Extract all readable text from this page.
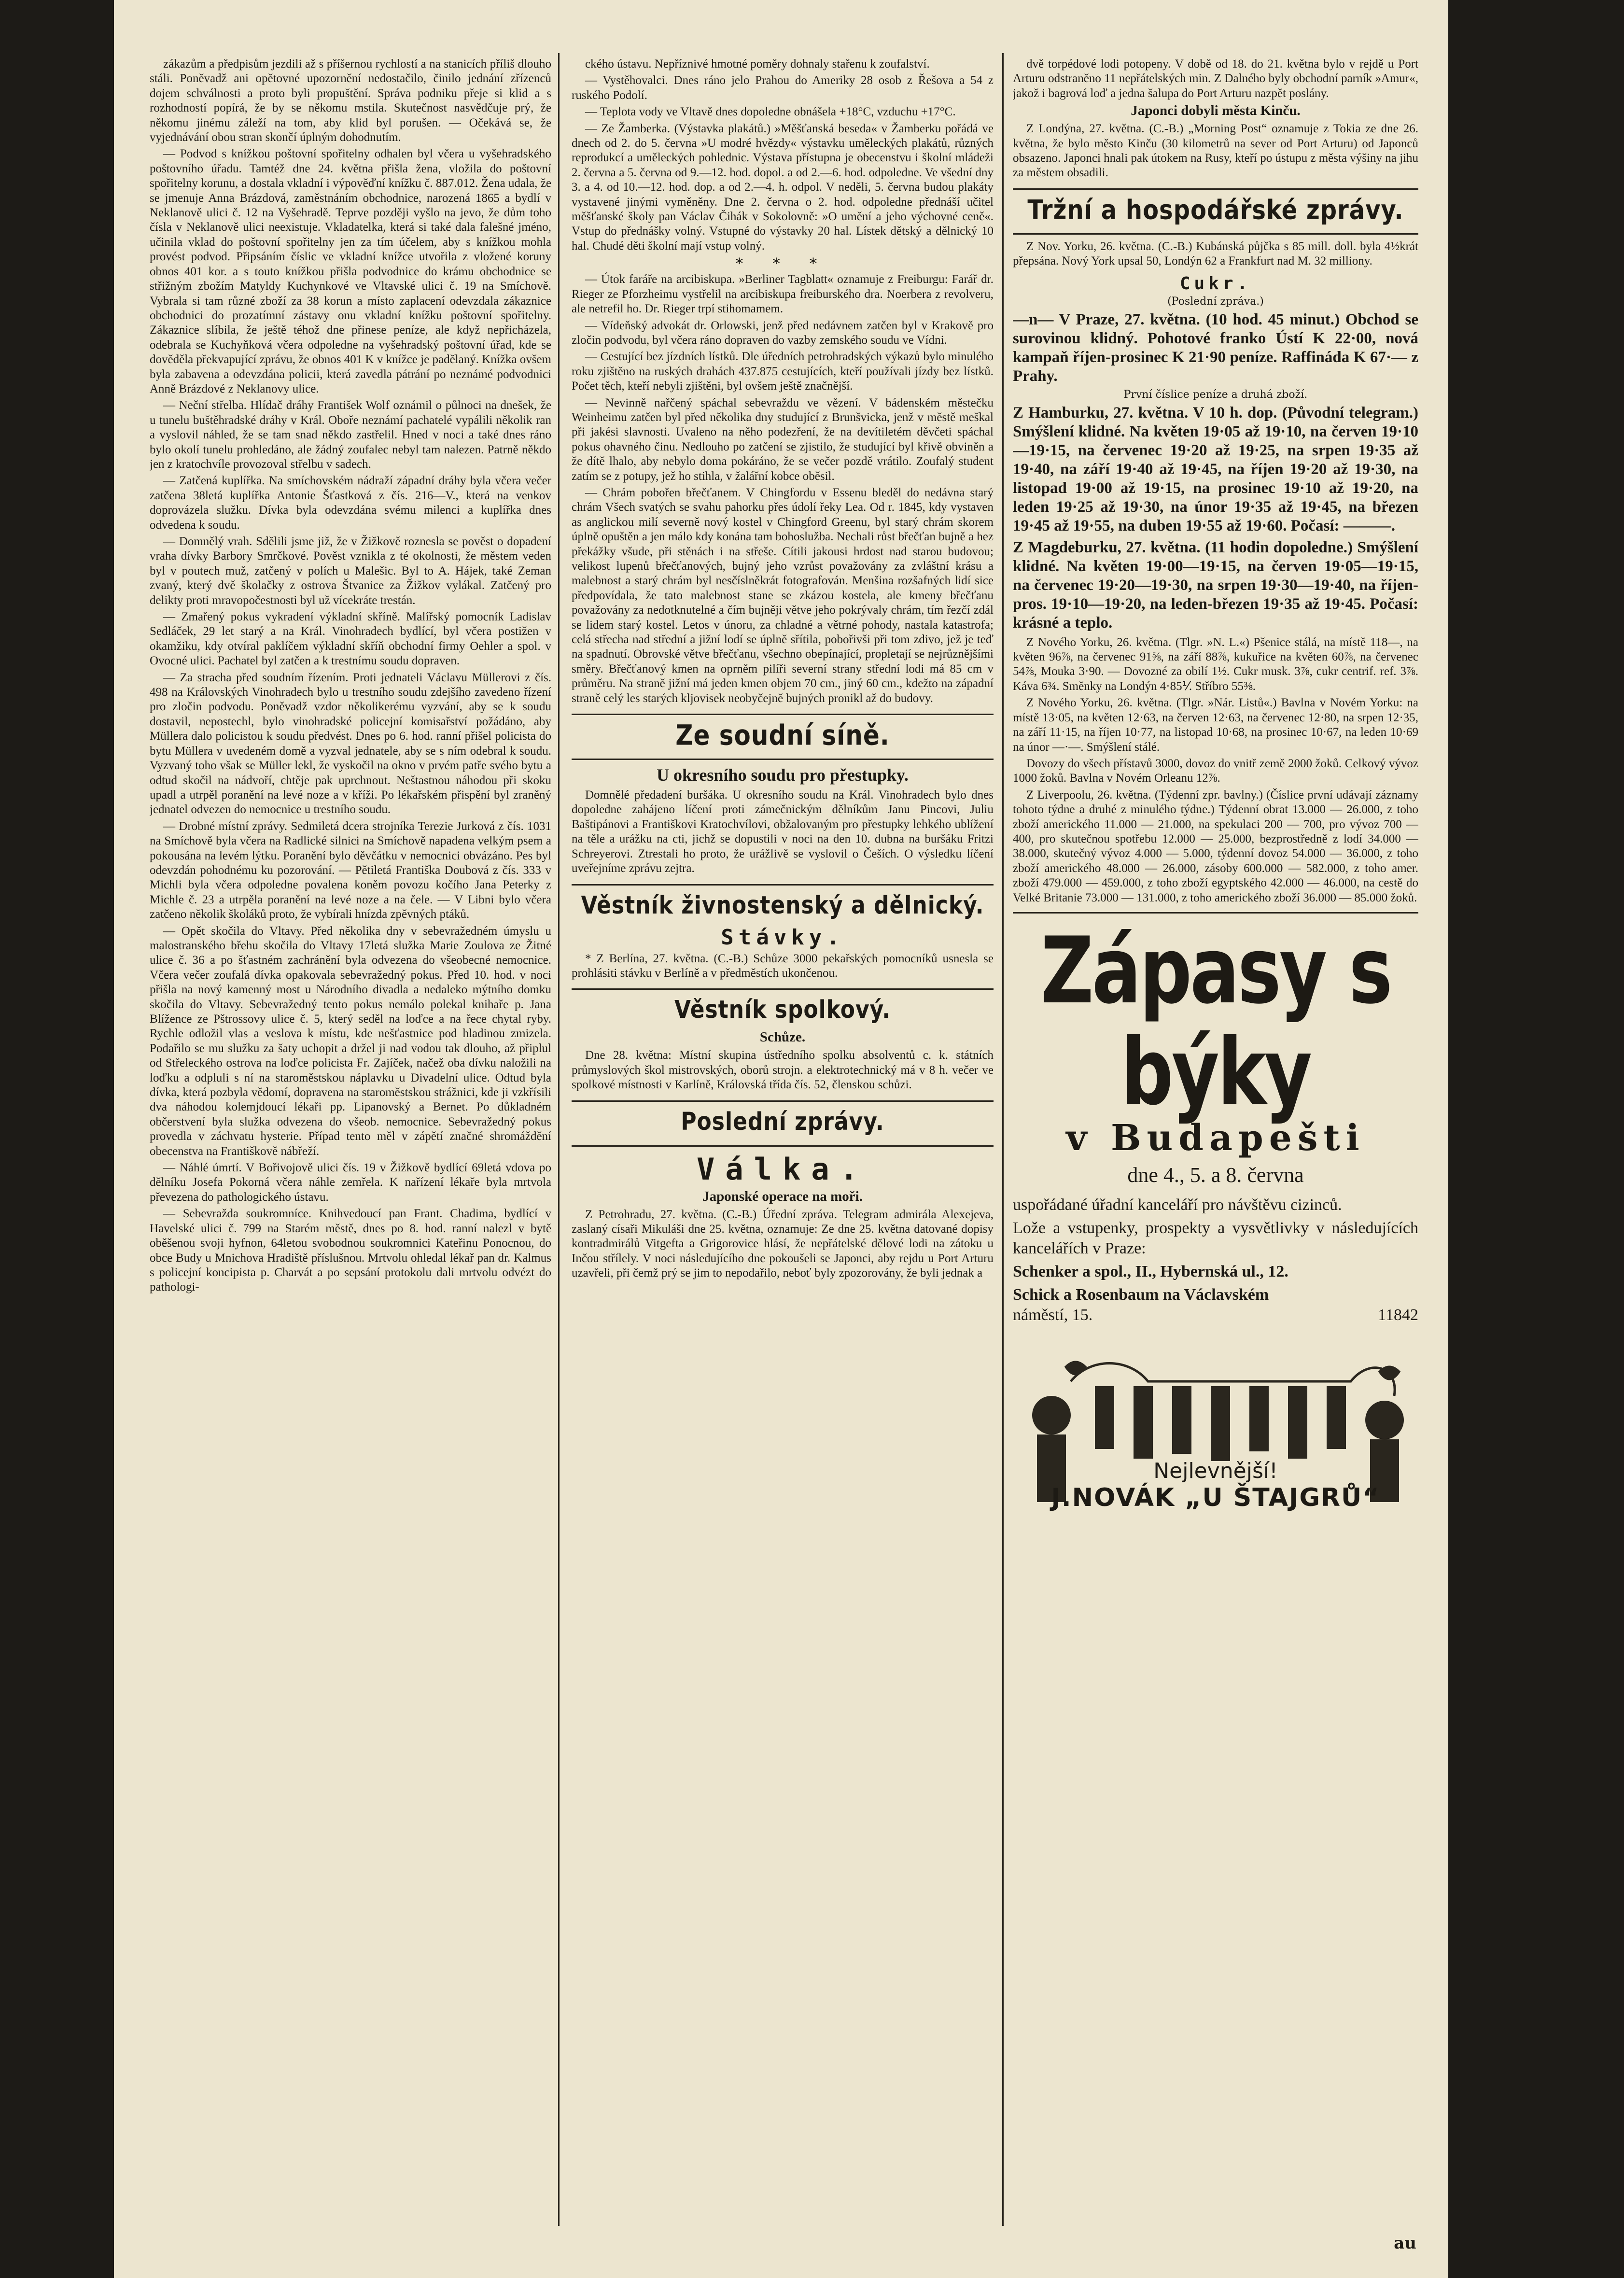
zákazům a předpisům jezdili až s příšernou rychlostí a na stanicích příliš dlouho stáli. Poněvadž ani opětovné upozornění nedostačilo, činilo jednání zřízenců dojem schválnosti a proto byli propuštění. Správa podniku přeje si klid a s rozhodností popírá, že by se někomu mstila. Skutečnost nasvědčuje prý, že někomu jinému záleží na tom, aby klid byl porušen. — Očekává se, že vyjednávání obou stran skončí úplným dohodnutím.

— Podvod s knížkou poštovní spořitelny odhalen byl včera u vyšehradského poštovního úřadu. Tamtéž dne 24. května přišla žena, vložila do poštovní spořitelny korunu, a dostala vkladní i výpověďní knížku č. 887.012. Žena udala, že se jmenuje Anna Brázdová, zaměstnáním obchodnice, narozená 1865 a bydlí v Neklanově ulici č. 12 na Vyšehradě. Teprve později vyšlo na jevo, že dům toho čísla v Neklanově ulici neexistuje. Vkladatelka, která si také dala falešné jméno, učinila vklad do poštovní spořitelny jen za tím účelem, aby s knížkou mohla provést podvod. Připsáním číslic ve vkladní knížce utvořila z vložené koruny obnos 401 kor. a s touto knížkou přišla podvodnice do krámu obchodnice se střižným zbožím Matyldy Kuchynkové ve Vltavské ulici č. 19 na Smíchově. Vybrala si tam různé zboží za 38 korun a místo zaplacení odevzdala zákaznice obchodnici do prozatímní zástavy onu vkladní knížku poštovní spořitelny. Zákaznice slíbila, že ještě téhož dne přinese peníze, ale když nepřicházela, odebrala se Kuchyňková včera odpoledne na vyšehradský poštovní úřad, kde se dověděla překvapující zprávu, že obnos 401 K v knížce je padělaný. Knížka ovšem byla zabavena a odevzdána policii, která zavedla pátrání po neznámé podvodnici Anně Brázdové z Neklanovy ulice.

— Neční střelba. Hlídač dráhy František Wolf oznámil o půlnoci na dnešek, že u tunelu buštěhradské dráhy v Král. Oboře neznámí pachatelé vypálili několik ran a vyslovil náhled, že se tam snad někdo zastřelil. Hned v noci a také dnes ráno bylo okolí tunelu prohledáno, ale žádný zoufalec nebyl tam nalezen. Patrně někdo jen z kratochvíle provozoval střelbu v sadech.

— Zatčená kuplířka. Na smíchovském nádraží západní dráhy byla včera večer zatčena 38letá kuplířka Antonie Šťastková z čís. 216—V., která na venkov doprovázela služku. Dívka byla odevzdána svému milenci a kuplířka dnes odvedena k soudu.

— Domnělý vrah. Sdělili jsme již, že v Žižkově roznesla se pověst o dopadení vraha dívky Barbory Smrčkové. Pověst vznikla z té okolnosti, že městem veden byl v poutech muž, zatčený v polích u Malešic. Byl to A. Hájek, také Zeman zvaný, který dvě školačky z ostrova Štvanice za Žižkov vylákal. Zatčený pro delikty proti mravopočestnosti byl už vícekráte trestán.

— Zmařený pokus vykradení výkladní skříně. Malířský pomocník Ladislav Sedláček, 29 let starý a na Král. Vinohradech bydlící, byl včera postižen v okamžiku, kdy otvíral paklíčem výkladní skříň obchodní firmy Oehler a spol. v Ovocné ulici. Pachatel byl zatčen a k trestnímu soudu dopraven.

— Za stracha před soudním řízením. Proti jednateli Václavu Müllerovi z čís. 498 na Královských Vinohradech bylo u trestního soudu zdejšího zavedeno řízení pro zločin podvodu. Poněvadž vzdor několikerému vyzvání, aby se k soudu dostavil, nepostechl, bylo vinohradské policejní komisařství požádáno, aby Müllera dalo policistou k soudu předvést. Dnes po 6. hod. ranní přišel policista do bytu Müllera v uvedeném domě a vyzval jednatele, aby se s ním odebral k soudu. Vyzvaný toho však se Müller lekl, že vyskočil na okno v prvém patře svého bytu a odtud skočil na nádvoří, chtěje pak uprchnout. Neštastnou náhodou při skoku upadl a utrpěl poranění na levé noze a v kříži. Po lékařském přispění byl zraněný jednatel odvezen do nemocnice u trestního soudu.

— Drobné místní zprávy. Sedmiletá dcera strojníka Terezie Jurková z čís. 1031 na Smíchově byla včera na Radlické silnici na Smíchově napadena velkým psem a pokousána na levém lýtku. Poranění bylo děvčátku v nemocnici obvázáno. Pes byl odevzdán pohodnému ku pozorování. — Pětiletá Františka Doubová z čís. 333 v Michli byla včera odpoledne povalena koněm povozu kočího Jana Peterky z Michle č. 23 a utrpěla poranění na levé noze a na čele. — V Libni bylo včera zatčeno několik školáků proto, že vybírali hnízda zpěvných ptáků.

— Opět skočila do Vltavy. Před několika dny v sebevražedném úmyslu u malostranského břehu skočila do Vltavy 17letá služka Marie Zoulova ze Žitné ulice č. 36 a po šťastném zachránění byla odvezena do všeobecné nemocnice. Včera večer zoufalá dívka opakovala sebevražedný pokus. Před 10. hod. v noci přišla na nový kamenný most u Národního divadla a nedaleko mýtního domku skočila do Vltavy. Sebevražedný tento pokus nemálo polekal knihaře p. Jana Blížence ze Pštrossovy ulice č. 5, který seděl na loďce a na řece chytal ryby. Rychle odložil vlas a veslova k místu, kde nešťastnice pod hladinou zmizela. Podařilo se mu služku za šaty uchopit a držel ji nad vodou tak dlouho, až připlul od Střeleckého ostrova na loďce policista Fr. Zajíček, načež oba dívku naložili na loďku a odpluli s ní na staroměstskou náplavku u Divadelní ulice. Odtud byla dívka, která pozbyla vědomí, dopravena na staroměstskou strážnici, kde ji vzkřísili dva náhodou kolemjdoucí lékaři pp. Lipanovský a Bernet. Po důkladném občerstvení byla služka odvezena do všeob. nemocnice. Sebevražedný pokus provedla v záchvatu hysterie. Případ tento měl v zápětí značné shromáždění obecenstva na Františkově nábřeží.

— Náhlé úmrtí. V Bořivojově ulici čís. 19 v Žižkově bydlící 69letá vdova po dělníku Josefa Pokorná včera náhle zemřela. K nařízení lékaře byla mrtvola převezena do pathologického ústavu.

— Sebevražda soukromníce. Knihvedoucí pan Frant. Chadima, bydlící v Havelské ulici č. 799 na Starém městě, dnes po 8. hod. ranní nalezl v bytě oběšenou svoji hyfnon, 64letou svobodnou soukromnici Kateřinu Ponocnou, do obce Budy u Mnichova Hradiště příslušnou. Mrtvolu ohledal lékař pan dr. Kalmus s policejní koncipista p. Charvát a po sepsání protokolu dali mrtvolu odvézt do pathologi-

ckého ústavu. Nepříznivé hmotné poměry dohnaly stařenu k zoufalství.

— Vystěhovalci. Dnes ráno jelo Prahou do Ameriky 28 osob z Řešova a 54 z ruského Podolí.

— Teplota vody ve Vltavě dnes dopoledne obnášela +18°C, vzduchu +17°C.

— Ze Žamberka. (Výstavka plakátů.) »Měšťanská beseda« v Žamberku pořádá ve dnech od 2. do 5. června »U modré hvězdy« výstavku uměleckých plakátů, různých reprodukcí a uměleckých pohlednic. Výstava přístupna je obecenstvu i školní mládeži 2. června a 5. června od 9.—12. hod. dopol. a od 2.—6. hod. odpoledne. Ve všední dny 3. a 4. od 10.—12. hod. dop. a od 2.—4. h. odpol. V neděli, 5. června budou plakáty vystavené jinými vyměněny. Dne 2. června o 2. hod. odpoledne přednáší učitel měšťanské školy pan Václav Čihák v Sokolovně: »O umění a jeho výchovné ceně«. Vstup do přednášky volný. Vstupné do výstavky 20 hal. Lístek dětský a dělnický 10 hal. Chudé děti školní mají vstup volný.

* * *

— Útok faráře na arcibiskupa. »Berliner Tagblatt« oznamuje z Freiburgu: Farář dr. Rieger ze Pforzheimu vystřelil na arcibiskupa freiburského dra. Noerbera z revolveru, ale netrefil ho. Dr. Rieger trpí stihomamem.

— Vídeňský advokát dr. Orlowski, jenž před nedávnem zatčen byl v Krakově pro zločin podvodu, byl včera ráno dopraven do vazby zemského soudu ve Vídni.

— Cestující bez jízdních lístků. Dle úředních petrohradských výkazů bylo minulého roku zjištěno na ruských drahách 437.875 cestujících, kteří používali jízdy bez lístků. Počet těch, kteří nebyli zjištěni, byl ovšem ještě značnější.

— Nevinně nařčený spáchal sebevraždu ve vězení. V bádenském městečku Weinheimu zatčen byl před několika dny studující z Brunšvicka, jenž v městě meškal při jakési slavnosti. Uvaleno na něho podezření, že na devítiletém děvčeti spáchal pokus ohavného činu. Nedlouho po zatčení se zjistilo, že studující byl křivě obviněn a že dítě lhalo, aby nebylo doma pokáráno, že se večer pozdě vrátilo. Zoufalý student zatím se z potupy, jež ho stihla, v žalářní kobce oběsil.

— Chrám pobořen břečťanem. V Chingfordu v Essenu bleděl do nedávna starý chrám Všech svatých se svahu pahorku přes údolí řeky Lea. Od r. 1845, kdy vystaven as anglickou milí severně nový kostel v Chingford Greenu, byl starý chrám skorem úplně opuštěn a jen málo kdy konána tam bohoslužba. Nechali růst břečťan bujně a hez překážky všude, při stěnách i na střeše. Cítili jakousi hrdost nad starou budovou; velikost lupenů břečťanových, bujný jeho vzrůst považovány za zvláštní krásu a malebnost a starý chrám byl nesčíslněkrát fotografován. Menšina rozšafných lidí sice předpovídala, že tato malebnost stane se zkázou kostela, ale kmeny břečťanu považovány za nedotknutelné a čím bujněji větve jeho pokrývaly chrám, tím řezčí zdál se lidem starý kostel. Letos v únoru, za chladné a větrné pohody, nastala katastrofa; celá střecha nad střední a jižní lodí se úplně sřítila, pobořivši při tom zdivo, jež je teď na spadnutí. Obrovské větve břečťanu, všechno obepínající, propletají se nejrůznějšími směry. Břečťanový kmen na oprněm pilíři severní strany střední lodi má 85 cm v průměru. Na straně jižní má jeden kmen objem 70 cm., jiný 60 cm., kdežto na západní straně celý les starých kljovisek neobyčejně bujných pronikl až do budovy.

Ze soudní síně.
U okresního soudu pro přestupky.

Domnělé předadení buršáka. U okresního soudu na Král. Vinohradech bylo dnes dopoledne zahájeno líčení proti zámečnickým dělníkům Janu Pincovi, Juliu Baštipánovi a Františkovi Kratochvílovi, obžalovaným pro přestupky lehkého ublížení na těle a urážku na cti, jichž se dopustili v noci na den 10. dubna na buršáku Fritzi Schreyerovi. Ztrestali ho proto, že urážlivě se vyslovil o Češích. O výsledku líčení uveřejníme zprávu zejtra.

Věstník živnostenský a dělnický.
Stávky.

* Z Berlína, 27. května. (C.-B.) Schůze 3000 pekařských pomocníků usnesla se prohlásiti stávku v Berlíně a v předměstích ukončenou.

Věstník spolkový.
Schůze.

Dne 28. května: Místní skupina ústředního spolku absolventů c. k. státních průmyslových škol mistrovských, oborů strojn. a elektrotechnický má v 8 h. večer ve spolkové místnosti v Karlíně, Královská třída čís. 52, členskou schůzi.

Poslední zprávy.
Válka.
Japonské operace na moři.

Z Petrohradu, 27. května. (C.-B.) Úřední zpráva. Telegram admirála Alexejeva, zaslaný císaři Mikuláši dne 25. května, oznamuje: Ze dne 25. května datované dopisy kontradmirálů Vitgefta a Grigorovice hlásí, že nepřátelské dělové lodi na zátoku u Inčou střílely. V noci následujícího dne pokoušeli se Japonci, aby rejdu u Port Arturu uzavřeli, při čemž prý se jim to nepodařilo, neboť byly zpozorovány, že byli jednak a

dvě torpédové lodi potopeny. V době od 18. do 21. května bylo v rejdě u Port Arturu odstraněno 11 nepřátelských min. Z Dalného byly obchodní parník »Amur«, jakož i bagrová loď a jedna šalupa do Port Arturu nazpět poslány.

Japonci dobyli města Kinču.

Z Londýna, 27. května. (C.-B.) „Morning Post“ oznamuje z Tokia ze dne 26. května, že bylo město Kinču (30 kilometrů na sever od Port Arturu) od Japonců obsazeno. Japonci hnali pak útokem na Rusy, kteří po ústupu z města výšiny na jihu za městem obsadili.

Tržní a hospodářské zprávy.

Z Nov. Yorku, 26. května. (C.-B.) Kubánská půjčka s 85 mill. doll. byla 4½krát přepsána. Nový York upsal 50, Londýn 62 a Frankfurt nad M. 32 milliony.

Cukr.
(Poslední zpráva.)

—n— V Praze, 27. května. (10 hod. 45 minut.) Obchod se surovinou klidný. Pohotové franko Ústí K 22·00, nová kampaň říjen-prosinec K 21·90 peníze. Raffináda K 67·— z Prahy.

První číslice peníze a druhá zboží.

Z Hamburku, 27. května. V 10 h. dop. (Původní telegram.) Smýšlení klidné. Na květen 19·05 až 19·10, na červen 19·10—19·15, na červenec 19·20 až 19·25, na srpen 19·35 až 19·40, na září 19·40 až 19·45, na říjen 19·20 až 19·30, na listopad 19·00 až 19·15, na prosinec 19·10 až 19·20, na leden 19·25 až 19·30, na únor 19·35 až 19·45, na březen 19·45 až 19·55, na duben 19·55 až 19·60. Počasí: ———.

Z Magdeburku, 27. května. (11 hodin dopoledne.) Smýšlení klidné. Na květen 19·00—19·15, na červen 19·05—19·15, na červenec 19·20—19·30, na srpen 19·30—19·40, na říjen-pros. 19·10—19·20, na leden-březen 19·35 až 19·45. Počasí: krásné a teplo.

Z Nového Yorku, 26. května. (Tlgr. »N. L.«) Pšenice stálá, na místě 118—, na květen 96⅞, na červenec 91⅝, na září 88⅞, kukuřice na květen 60⅞, na červenec 54⅞, Mouka 3·90. — Dovozné za obilí 1½. Cukr musk. 3⅞, cukr centrif. ref. 3⅞. Káva 6¾. Směnky na Londýn 4·85⅟. Stříbro 55⅜.

Z Nového Yorku, 26. května. (Tlgr. »Nár. Listů«.) Bavlna v Novém Yorku: na místě 13·05, na květen 12·63, na červen 12·63, na červenec 12·80, na srpen 12·35, na září 11·15, na říjen 10·77, na listopad 10·68, na prosinec 10·67, na leden 10·69 na únor —·—. Smýšlení stálé.

Dovozy do všech přístavů 3000, dovoz do vnitř země 2000 žoků. Celkový vývoz 1000 žoků. Bavlna v Novém Orleanu 12⅞.

Z Liverpoolu, 26. května. (Týdenní zpr. bavlny.) (Číslice první udávají záznamy tohoto týdne a druhé z minulého týdne.) Týdenní obrat 13.000 — 26.000, z toho zboží amerického 11.000 — 21.000, na spekulaci 200 — 700, pro vývoz 700 — 400, pro skutečnou spotřebu 12.000 — 25.000, bezprostředně z lodí 34.000 — 38.000, skutečný vývoz 4.000 — 5.000, týdenní dovoz 54.000 — 36.000, z toho zboží amerického 48.000 — 26.000, zásoby 600.000 — 582.000, z toho amer. zboží 479.000 — 459.000, z toho zboží egyptského 42.000 — 46.000, na cestě do Velké Britanie 73.000 — 131.000, z toho amerického zboží 36.000 — 85.000 žoků.

Zápasy s býky
v Budapešti
dne 4., 5. a 8. června

uspořádané úřadní kanceláří pro návštěvu cizinců.

Lože a vstupenky, prospekty a vysvětlivky v následujících kancelářích v Praze:

Schenker a spol., II., Hybernská ul., 12.

Schick a Rosenbaum na Václavském

náměstí, 15.	11842
Nejlevnější!
J.NOVÁK „U ŠTAJGRŮ“
au
